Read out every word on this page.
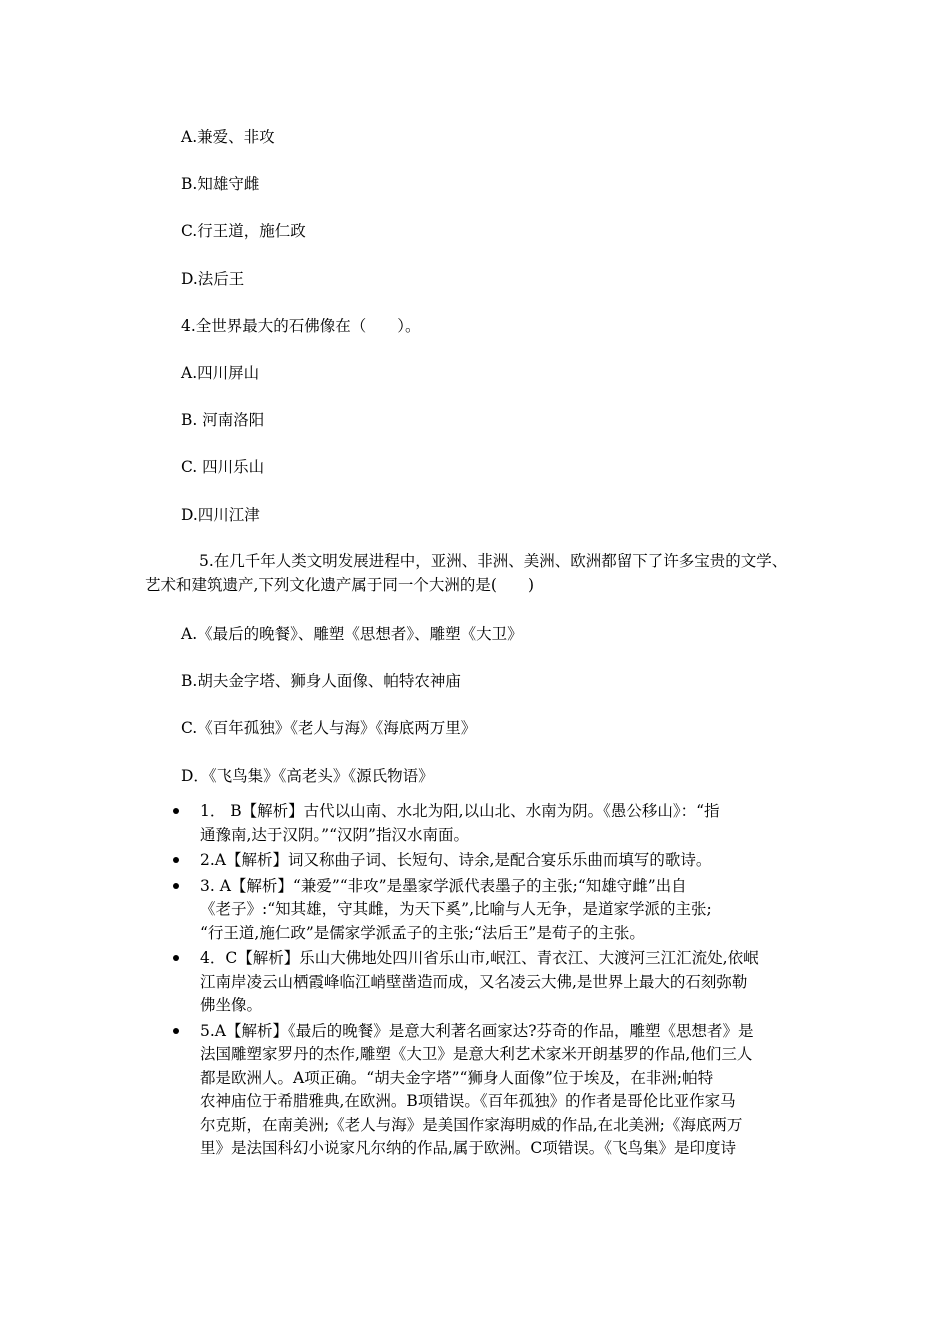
A.兼爱、非攻
B.知雄守雌
C.行王道，施仁政
D.法后王
4.全世界最大的石佛像在（　　）。
A.四川屏山
B. 河南洛阳
C. 四川乐山
D.四川江津
5.在几千年人类文明发展进程中，亚洲、非洲、美洲、欧洲都留下了许多宝贵的文学、
艺术和建筑遗产,下列文化遗产属于同一个大洲的是(　　)
A.《最后的晚餐》、雕塑《思想者》、雕塑《大卫》
B.胡夫金字塔、狮身人面像、帕特农神庙
C.《百年孤独》《老人与海》《海底两万里》
D．《飞鸟集》《高老头》《源氏物语》
1． B【解析】古代以山南、水北为阳,以山北、水南为阴。《愚公移山》：“指
通豫南,达于汉阴。”“汉阴”指汉水南面。
2.A【解析】词又称曲子词、长短句、诗余,是配合宴乐乐曲而填写的歌诗。
3. A【解析】“兼爱”“非攻”是墨家学派代表墨子的主张;“知雄守雌”出自
《老子》:“知其雄，守其雌，为天下奚”,比喻与人无争，是道家学派的主张;
“行王道,施仁政”是儒家学派孟子的主张;“法后王”是荀子的主张。
4．C【解析】乐山大佛地处四川省乐山市,岷江、青衣江、大渡河三江汇流处,依岷
江南岸凌云山栖霞峰临江峭壁凿造而成，又名凌云大佛,是世界上最大的石刻弥勒
佛坐像。
5.A【解析】《最后的晚餐》是意大利著名画家达?芬奇的作品，雕塑《思想者》是
法国雕塑家罗丹的杰作,雕塑《大卫》是意大利艺术家米开朗基罗的作品,他们三人
都是欧洲人。A项正确。“胡夫金字塔”“狮身人面像”位于埃及，在非洲;帕特
农神庙位于希腊雅典,在欧洲。B项错误。《百年孤独》的作者是哥伦比亚作家马
尔克斯，在南美洲;《老人与海》是美国作家海明威的作品,在北美洲;《海底两万
里》是法国科幻小说家凡尔纳的作品,属于欧洲。C项错误。《飞鸟集》是印度诗
